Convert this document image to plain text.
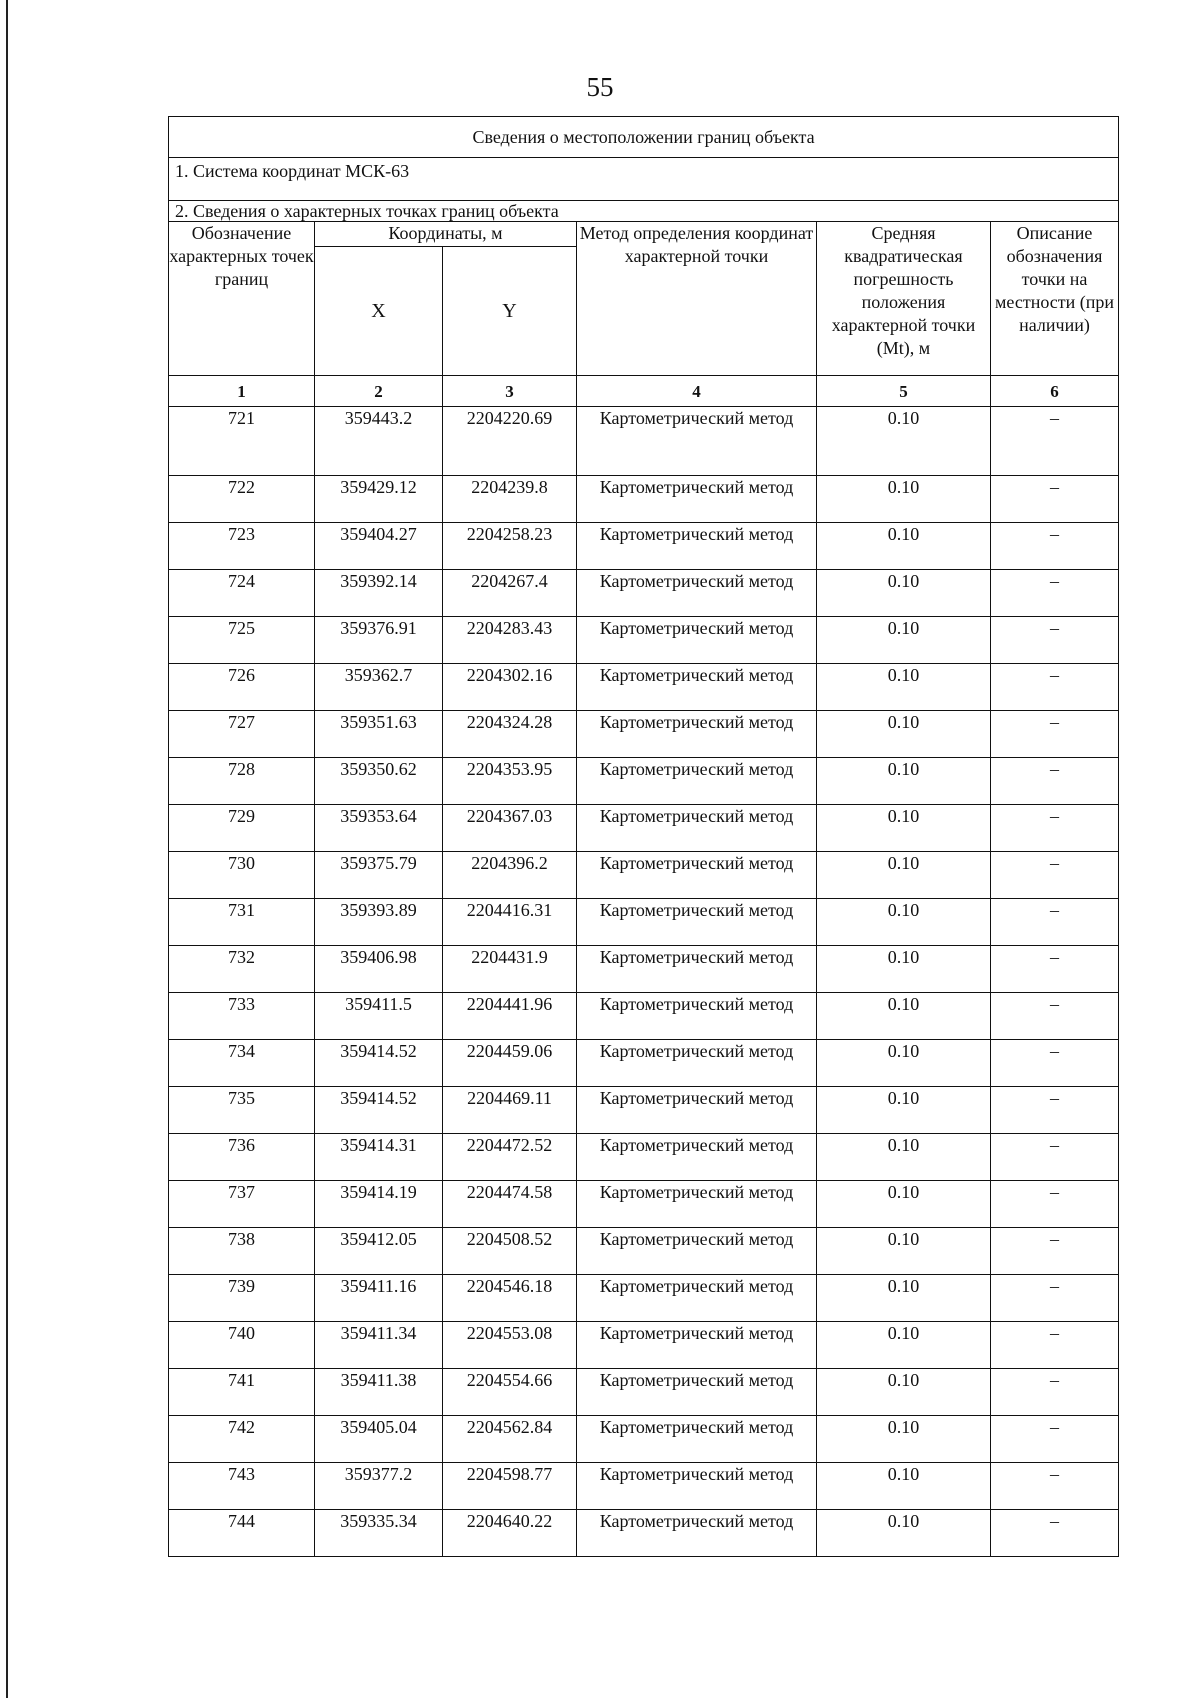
55
Сведения о местоположении границ объекта					
1. Система координат МСК-63					
2. Сведения о характерных точках границ объекта					
Обозначение характерных точек границ	Координаты, м		Метод определения координат характерной точки	Средняя квадратическая погрешность положения характерной точки (Mt), м	Описание обозначения точки на местности (при наличии)
	X	Y			
1	2	3	4	5	6
721	359443.2	2204220.69	Картометрический метод	0.10	–
722	359429.12	2204239.8	Картометрический метод	0.10	–
723	359404.27	2204258.23	Картометрический метод	0.10	–
724	359392.14	2204267.4	Картометрический метод	0.10	–
725	359376.91	2204283.43	Картометрический метод	0.10	–
726	359362.7	2204302.16	Картометрический метод	0.10	–
727	359351.63	2204324.28	Картометрический метод	0.10	–
728	359350.62	2204353.95	Картометрический метод	0.10	–
729	359353.64	2204367.03	Картометрический метод	0.10	–
730	359375.79	2204396.2	Картометрический метод	0.10	–
731	359393.89	2204416.31	Картометрический метод	0.10	–
732	359406.98	2204431.9	Картометрический метод	0.10	–
733	359411.5	2204441.96	Картометрический метод	0.10	–
734	359414.52	2204459.06	Картометрический метод	0.10	–
735	359414.52	2204469.11	Картометрический метод	0.10	–
736	359414.31	2204472.52	Картометрический метод	0.10	–
737	359414.19	2204474.58	Картометрический метод	0.10	–
738	359412.05	2204508.52	Картометрический метод	0.10	–
739	359411.16	2204546.18	Картометрический метод	0.10	–
740	359411.34	2204553.08	Картометрический метод	0.10	–
741	359411.38	2204554.66	Картометрический метод	0.10	–
742	359405.04	2204562.84	Картометрический метод	0.10	–
743	359377.2	2204598.77	Картометрический метод	0.10	–
744	359335.34	2204640.22	Картометрический метод	0.10	–
